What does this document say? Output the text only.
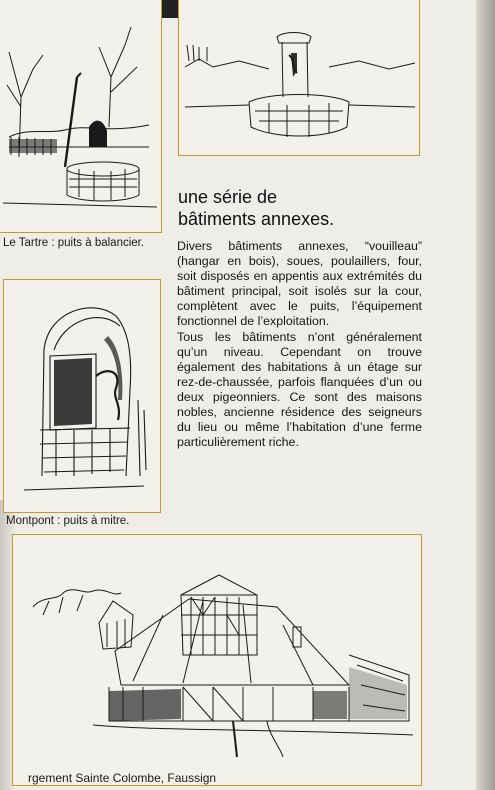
Le Tartre : puits à balancier.
une série de
bâtiments annexes.

Divers bâtiments annexes, “vouilleau” (hangar en bois), soues, poulaillers, four, soit disposés en appentis aux extrémités du bâtiment principal, soit isolés sur la cour, complètent avec le puits, l’équipement fonctionnel de l’exploitation.

Tous les bâtiments n’ont généralement qu’un niveau. Cependant on trouve également des habitations à un étage sur rez-de-chaussée, parfois flanquées d’un ou deux pigeonniers. Ce sont des maisons nobles, ancienne résidence des seigneurs du lieu ou même l’habitation d’une ferme particulièrement riche.

Montpont : puits à mitre.
rgement Sainte Colombe, Faussign
